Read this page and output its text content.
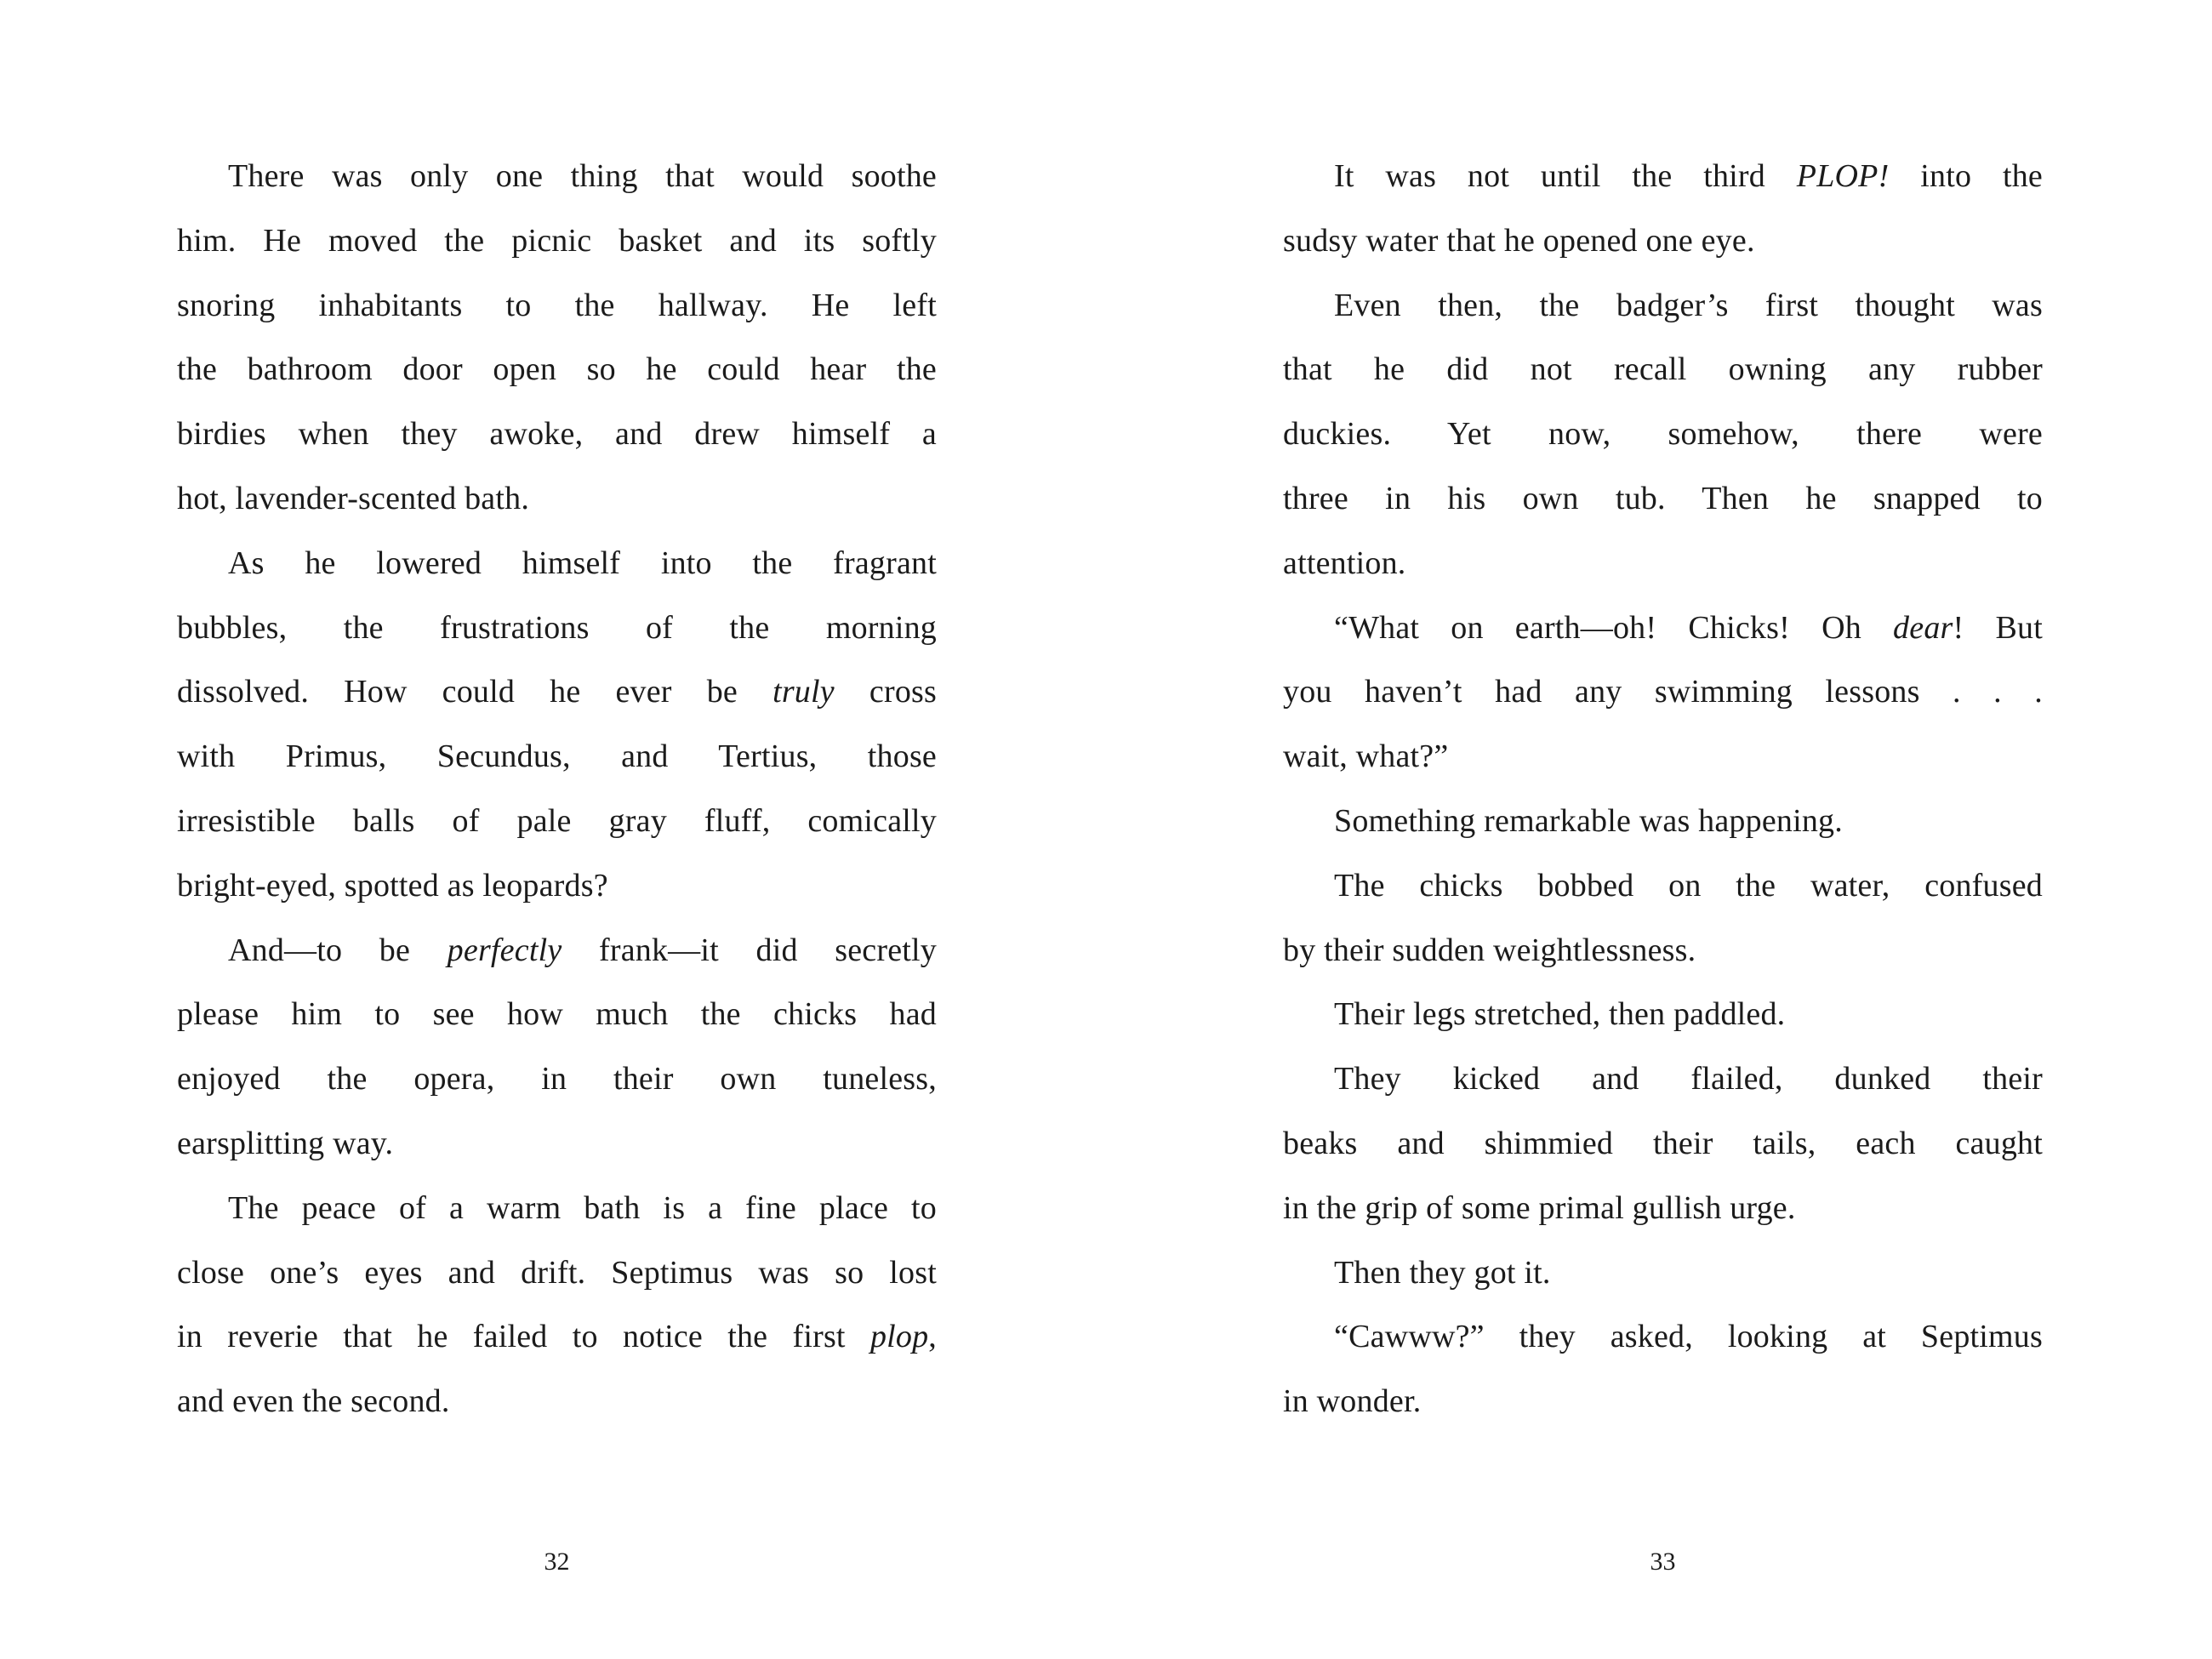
There was only one thing that would soothe
him. He moved the picnic basket and its softly
snoring inhabitants to the hallway. He left
the bathroom door open so he could hear the
birdies when they awoke, and drew himself a
hot, lavender-scented bath.
As he lowered himself into the fragrant
bubbles, the frustrations of the morning
dissolved. How could he ever be truly cross
with Primus, Secundus, and Tertius, those
irresistible balls of pale gray fluff, comically
bright-eyed, spotted as leopards?
And—to be perfectly frank—it did secretly
please him to see how much the chicks had
enjoyed the opera, in their own tuneless,
earsplitting way.
The peace of a warm bath is a fine place to
close one’s eyes and drift. Septimus was so lost
in reverie that he failed to notice the first plop,
and even the second.
32
It was not until the third PLOP! into the
sudsy water that he opened one eye.
Even then, the badger’s first thought was
that he did not recall owning any rubber
duckies. Yet now, somehow, there were
three in his own tub. Then he snapped to
attention.
“What on earth—oh! Chicks! Oh dear! But
you haven’t had any swimming lessons . . .
wait, what?”
Something remarkable was happening.
The chicks bobbed on the water, confused
by their sudden weightlessness.
Their legs stretched, then paddled.
They kicked and flailed, dunked their
beaks and shimmied their tails, each caught
in the grip of some primal gullish urge.
Then they got it.
“Cawww?” they asked, looking at Septimus
in wonder.
33
